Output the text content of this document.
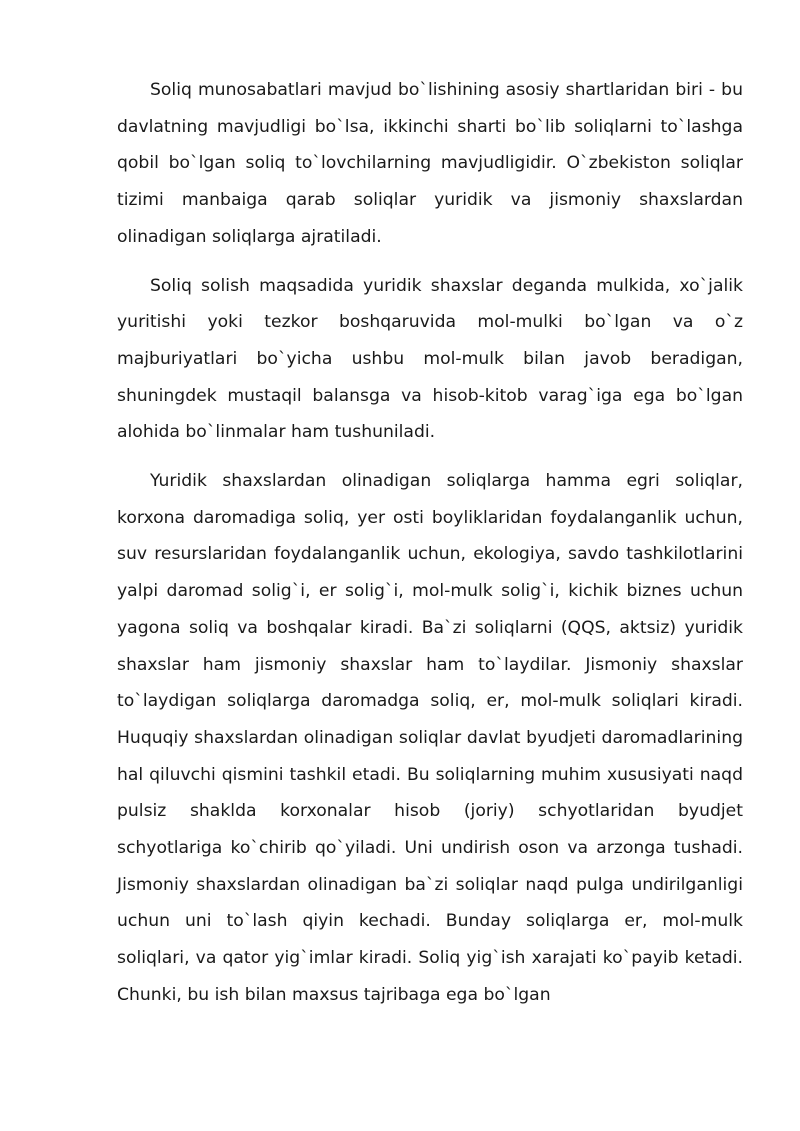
Soliq munosabatlari mavjud bo`lishining asosiy shartlaridan biri - bu davlatning mavjudligi bo`lsa, ikkinchi sharti bo`lib soliqlarni to`lashga qobil bo`lgan soliq to`lovchilarning mavjudligidir. O`zbekiston soliqlar tizimi manbaiga qarab soliqlar yuridik va jismoniy shaxslardan olinadigan soliqlarga ajratiladi.

Soliq solish maqsadida yuridik shaxslar deganda mulkida, xo`jalik yuritishi yoki tezkor boshqaruvida mol-mulki bo`lgan va o`z majburiyatlari bo`yicha ushbu mol-mulk bilan javob beradigan, shuningdek mustaqil balansga va hisob-kitob varag`iga ega bo`lgan alohida bo`linmalar ham tushuniladi.

Yuridik shaxslardan olinadigan soliqlarga hamma egri soliqlar, korxona daromadiga soliq, yer osti boyliklaridan foydalanganlik uchun, suv resurslaridan foydalanganlik uchun, ekologiya, savdo tashkilotlarini yalpi daromad solig`i, er solig`i, mol-mulk solig`i, kichik biznes uchun yagona soliq va boshqalar kiradi. Ba`zi soliqlarni (QQS, aktsiz) yuridik shaxslar ham jismoniy shaxslar ham to`laydilar. Jismoniy shaxslar to`laydigan soliqlarga daromadga soliq, er, mol-mulk soliqlari kiradi. Huquqiy shaxslardan olinadigan soliqlar davlat byudjeti daromadlarining hal qiluvchi qismini tashkil etadi. Bu soliqlarning muhim xususiyati naqd pulsiz shaklda korxonalar hisob (joriy) schyotlaridan byudjet schyotlariga ko`chirib qo`yiladi. Uni undirish oson va arzonga tushadi. Jismoniy shaxslardan olinadigan ba`zi soliqlar naqd pulga undirilganligi uchun uni to`lash qiyin kechadi. Bunday soliqlarga er, mol-mulk soliqlari, va qator yig`imlar kiradi. Soliq yig`ish xarajati ko`payib ketadi. Chunki, bu ish bilan maxsus tajribaga ega bo`lgan
